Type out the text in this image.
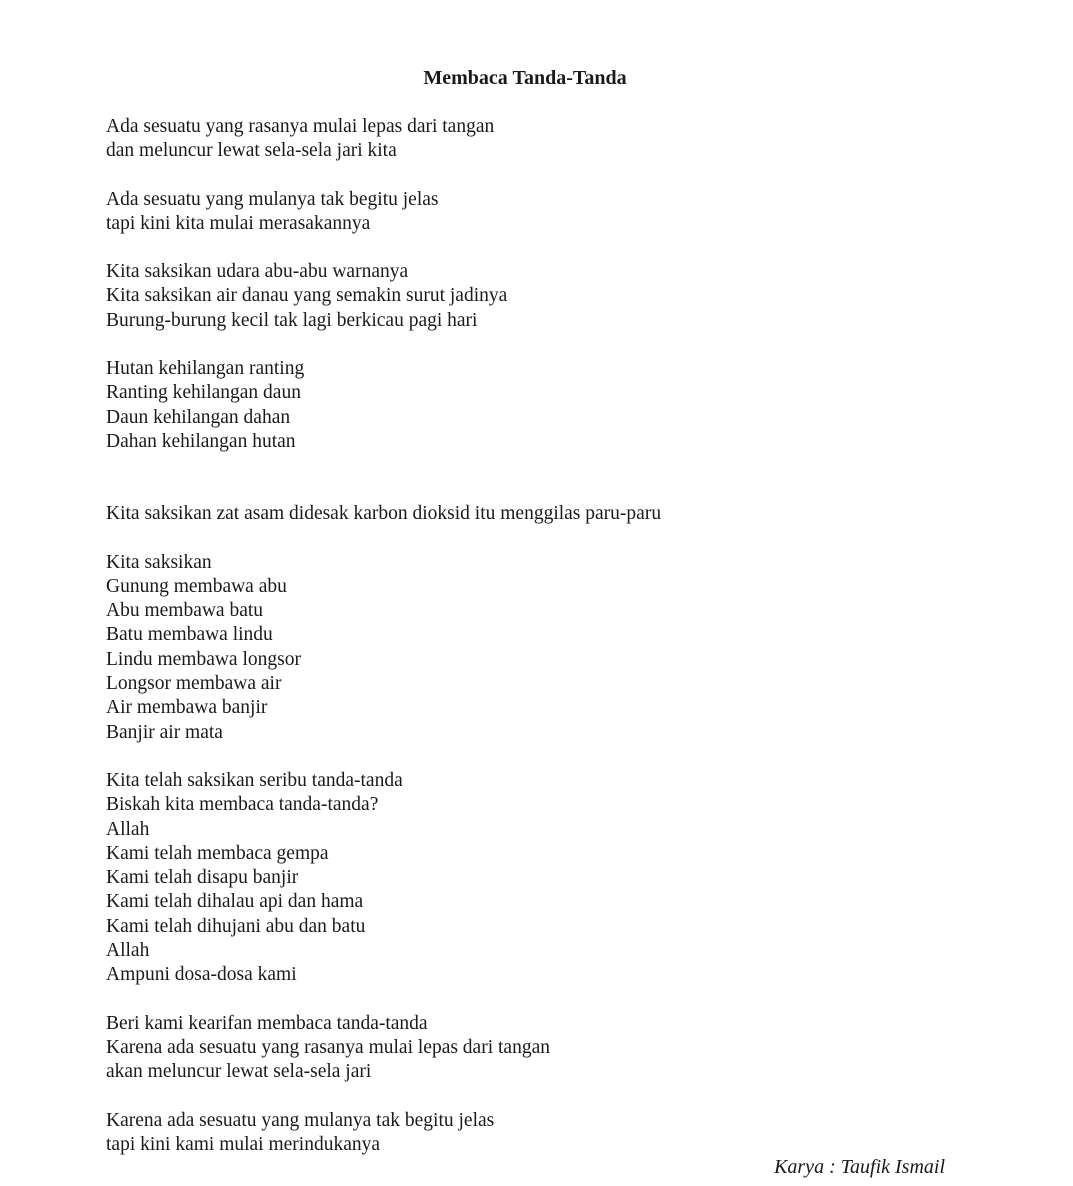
Membaca Tanda-Tanda
Ada sesuatu yang rasanya mulai lepas dari tangan
dan meluncur lewat sela-sela jari kita
Ada sesuatu yang mulanya tak begitu jelas
tapi kini kita mulai merasakannya
Kita saksikan udara abu-abu warnanya
Kita saksikan air danau yang semakin surut jadinya
Burung-burung kecil tak lagi berkicau pagi hari
Hutan kehilangan ranting
Ranting kehilangan daun
Daun kehilangan dahan
Dahan kehilangan hutan
Kita saksikan zat asam didesak karbon dioksid itu menggilas paru-paru
Kita saksikan
Gunung membawa abu
Abu membawa batu
Batu membawa lindu
Lindu membawa longsor
Longsor membawa air
Air membawa banjir
Banjir air mata
Kita telah saksikan seribu tanda-tanda
Biskah kita membaca tanda-tanda?
Allah
Kami telah membaca gempa
Kami telah disapu banjir
Kami telah dihalau api dan hama
Kami telah dihujani abu dan batu
Allah
Ampuni dosa-dosa kami
Beri kami kearifan membaca tanda-tanda
Karena ada sesuatu yang rasanya mulai lepas dari tangan
akan meluncur lewat sela-sela jari
Karena ada sesuatu yang mulanya tak begitu jelas
tapi kini kami mulai merindukanya
Karya : Taufik Ismail
